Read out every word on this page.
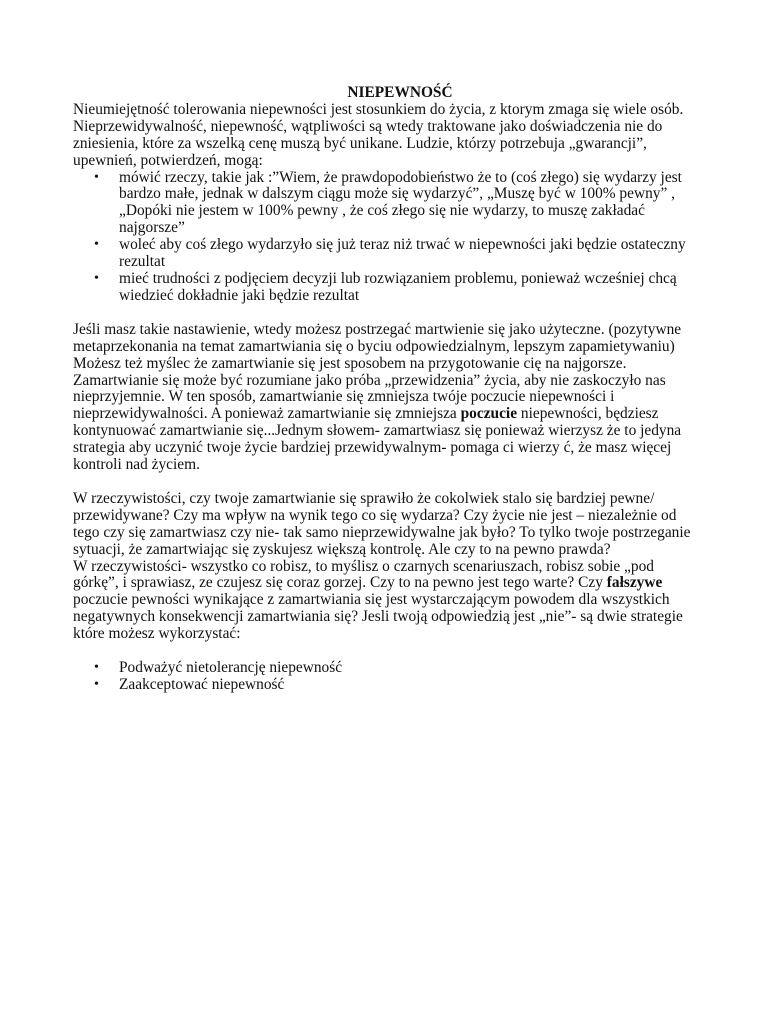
NIEPEWNOŚĆ

Nieumiejętność tolerowania niepewności jest stosunkiem do życia, z ktorym zmaga się wiele osób. Nieprzewidywalność, niepewność, wątpliwości są wtedy traktowane jako doświadczenia nie do zniesienia, które za wszelką cenę muszą być unikane. Ludzie, którzy potrzebuja „gwarancji”, upewnień, potwierdzeń, mogą:

• mówić rzeczy, takie jak :”Wiem, że prawdopodobieństwo że to (coś złego) się wydarzy jest bardzo małe, jednak w dalszym ciągu może się wydarzyć”, „Muszę być w 100% pewny” , „Dopóki nie jestem w 100% pewny , że coś złego się nie wydarzy, to muszę zakładać najgorsze”
• woleć aby coś złego wydarzyło się już teraz niż trwać w niepewności jaki będzie ostateczny rezultat
• mieć trudności z podjęciem decyzji lub rozwiązaniem problemu, ponieważ wcześniej chcą wiedzieć dokładnie jaki będzie rezultat

Jeśli masz takie nastawienie, wtedy możesz postrzegać martwienie się jako użyteczne. (pozytywne metaprzekonania na temat zamartwiania się o byciu odpowiedzialnym, lepszym zapamietywaniu) Możesz też myślec że zamartwianie się jest sposobem na przygotowanie cię na najgorsze. Zamartwianie się może być rozumiane jako próba „przewidzenia” życia, aby nie zaskoczyło nas nieprzyjemnie. W ten sposób, zamartwianie się zmniejsza twóje poczucie niepewności i nieprzewidywalności. A ponieważ zamartwianie się zmniejsza poczucie niepewności, będziesz kontynuować zamartwianie się...Jednym słowem- zamartwiasz się ponieważ wierzysz że to jedyna strategia aby uczynić twoje życie bardziej przewidywalnym- pomaga ci wierzy ć, że masz więcej kontroli nad życiem.

W rzeczywistości, czy twoje zamartwianie się sprawiło że cokolwiek stalo się bardziej pewne/ przewidywane? Czy ma wpływ na wynik tego co się wydarza? Czy życie nie jest – niezależnie od tego czy się zamartwiasz czy nie- tak samo nieprzewidywalne jak było? To tylko twoje postrzeganie sytuacji, że zamartwiając się zyskujesz większą kontrolę. Ale czy to na pewno prawda?

W rzeczywistości- wszystko co robisz, to myślisz o czarnych scenariuszach, robisz sobie „pod górkę”, i sprawiasz, ze czujesz się coraz gorzej. Czy to na pewno jest tego warte? Czy fałszywe poczucie pewności wynikające z zamartwiania się jest wystarczającym powodem dla wszystkich negatywnych konsekwencji zamartwiania się? Jesli twoją odpowiedzią jest „nie”- są dwie strategie które możesz wykorzystać:

• Podważyć nietolerancję niepewność
• Zaakceptować niepewność
